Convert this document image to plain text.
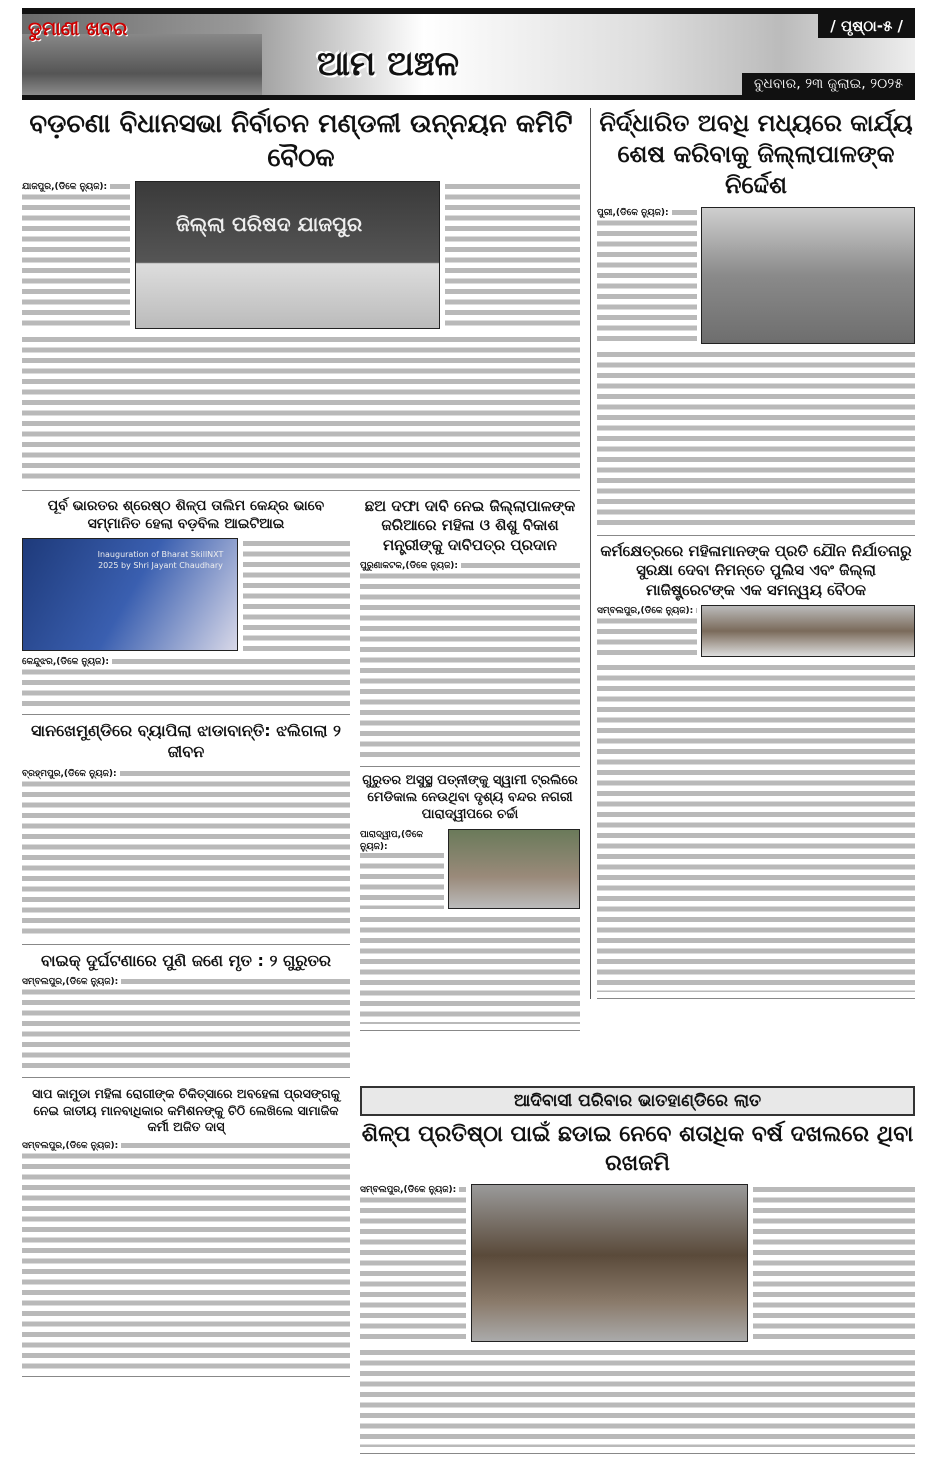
ଡୁମାଣୀ ଖବର
ଆମ ଅଞ୍ଚଳ
/ ପୃଷ୍ଠା-୫ /
ବୁଧବାର, ୨୩ ଜୁଲାଇ, ୨୦୨୫
ବଡ଼ଚଣା ବିଧାନସଭା ନିର୍ବାଚନ ମଣ୍ଡଳୀ ଉନ୍ନୟନ କମିଟି ବୈଠକ
ଯାଜପୁର,(ଡିକେ ନ୍ୟୁଜ):
ଜିଲ୍ଲା ପରିଷଦ ଯାଜପୁର
ପୂର୍ବ ଭାରତର ଶ୍ରେଷ୍ଠ ଶିଳ୍ପ ତାଲିମ କେନ୍ଦ୍ର ଭାବେ ସମ୍ମାନିତ ହେଲା ବଡ଼ବିଲ ଆଇଟିଆଇ
Inauguration of Bharat SkillNXT 2025 by Shri Jayant Chaudhary
କେନ୍ଦୁଝର,(ଡିକେ ନ୍ୟୁଜ):
ସାନଖେମୁଣ୍ଡିରେ ବ୍ୟାପିଲା ଝାଡାବାନ୍ତି: ଝଲିଗଲା ୨ ଜୀବନ
ବ୍ରହ୍ମପୁର,(ଡିକେ ନ୍ୟୁଜ):
ବାଇକ୍ ଦୁର୍ଘଟଣାରେ ପୁଣି ଜଣେ ମୃତ : ୨ ଗୁରୁତର
ସମ୍ବଲପୁର,(ଡିକେ ନ୍ୟୁଜ):
ଛଅ ଦଫା ଦାବି ନେଇ ଜିଲ୍ଲାପାଳଙ୍କ ଜରିଆରେ ମହିଳା ଓ ଶିଶୁ ବିକାଶ ମନ୍ତ୍ରୀଙ୍କୁ ଦାବିପତ୍ର ପ୍ରଦାନ
ପୁରୁଣାକଟକ,(ଡିକେ ନ୍ୟୁଜ):
ଗୁରୁତର ଅସୁସ୍ଥ ପତ୍ନୀଙ୍କୁ ସ୍ୱାମୀ ଟ୍ରଲିରେ ମେଡିକାଲ ନେଉଥିବା ଦୃଶ୍ୟ ବନ୍ଦର ନଗରୀ ପାରାଦ୍ୱୀପରେ ଚର୍ଚ୍ଚା
ପାରାଦ୍ୱୀପ,(ଡିକେ ନ୍ୟୁଜ):
ନିର୍ଦ୍ଧାରିତ ଅବଧି ମଧ୍ୟରେ କାର୍ଯ୍ୟ ଶେଷ କରିବାକୁ ଜିଲ୍ଲାପାଳଙ୍କ ନିର୍ଦ୍ଦେଶ
ପୁରୀ,(ଡିକେ ନ୍ୟୁଜ):
କର୍ମକ୍ଷେତ୍ରରେ ମହିଳାମାନଙ୍କ ପ୍ରତି ଯୌନ ନିର୍ଯାତନାରୁ ସୁରକ୍ଷା ଦେବା ନିମନ୍ତେ ପୁଲିସ ଏବଂ ଜିଲ୍ଲା ମାଜିଷ୍ଟ୍ରେଟଙ୍କ ଏକ ସମନ୍ୱୟ ବୈଠକ
ସମ୍ବଲପୁର,(ଡିକେ ନ୍ୟୁଜ):
ସାପ କାମୁଡା ମହିଳା ରୋଗୀଙ୍କ ଚିକିତ୍ସାରେ ଅବହେଳା ପ୍ରସଙ୍ଗକୁ ନେଇ ଜାତୀୟ ମାନବାଧିକାର କମିଶନଙ୍କୁ ଚିଠି ଲେଖିଲେ ସାମାଜିକ କର୍ମୀ ଅଜିତ ଦାସ୍
ସମ୍ବଲପୁର,(ଡିକେ ନ୍ୟୁଜ):
ଆଦିବାସୀ ପରିବାର ଭାତହାଣ୍ଡିରେ ଲାତ
ଶିଳ୍ପ ପ୍ରତିଷ୍ଠା ପାଇଁ ଛଡାଇ ନେବେ ଶତାଧିକ ବର୍ଷ ଦଖଲରେ ଥିବା ରଖଜମି
ସମ୍ବଲପୁର,(ଡିକେ ନ୍ୟୁଜ):
